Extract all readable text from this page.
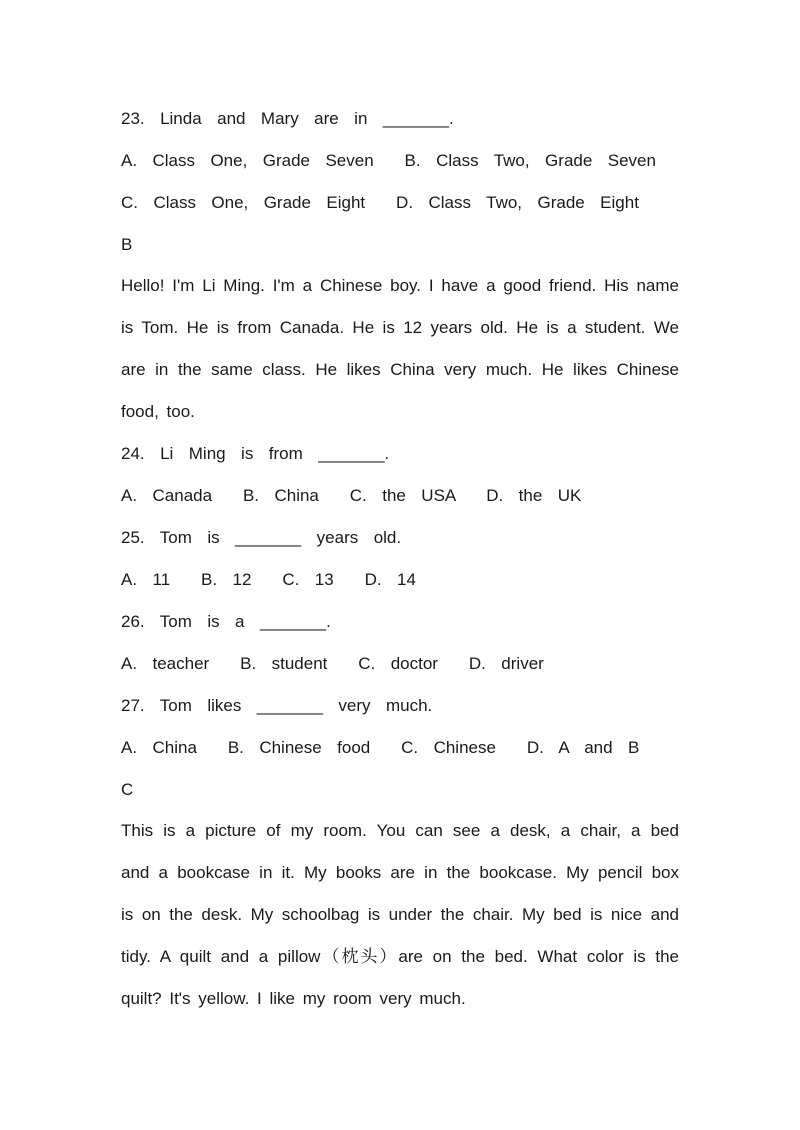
23.  Linda  and  Mary  are  in  _______.
A.  Class  One,  Grade  Seven    B.  Class  Two,  Grade  Seven
C.  Class  One,  Grade  Eight    D.  Class  Two,  Grade  Eight
B
Hello! I'm Li Ming. I'm a Chinese boy. I have a good friend. His name is Tom. He is from Canada. He is 12 years old. He is a student. We are in the same class. He likes China very much. He likes Chinese food, too.
24.  Li  Ming  is  from  _______.
A.  Canada    B.  China    C.  the  USA    D.  the  UK
25.  Tom  is  _______  years  old.
A.  11    B.  12    C.  13    D.  14
26.  Tom  is  a  _______.
A.  teacher    B.  student    C.  doctor    D.  driver
27.  Tom  likes  _______  very  much.
A.  China    B.  Chinese  food    C.  Chinese    D.  A  and  B
C
This is a picture of my room. You can see a desk, a chair, a bed and a bookcase in it. My books are in the bookcase. My pencil box is on the desk. My schoolbag is under the chair. My bed is nice and tidy. A quilt and a pillow（枕头）are on the bed. What color is the quilt? It's yellow. I like my room very much.
